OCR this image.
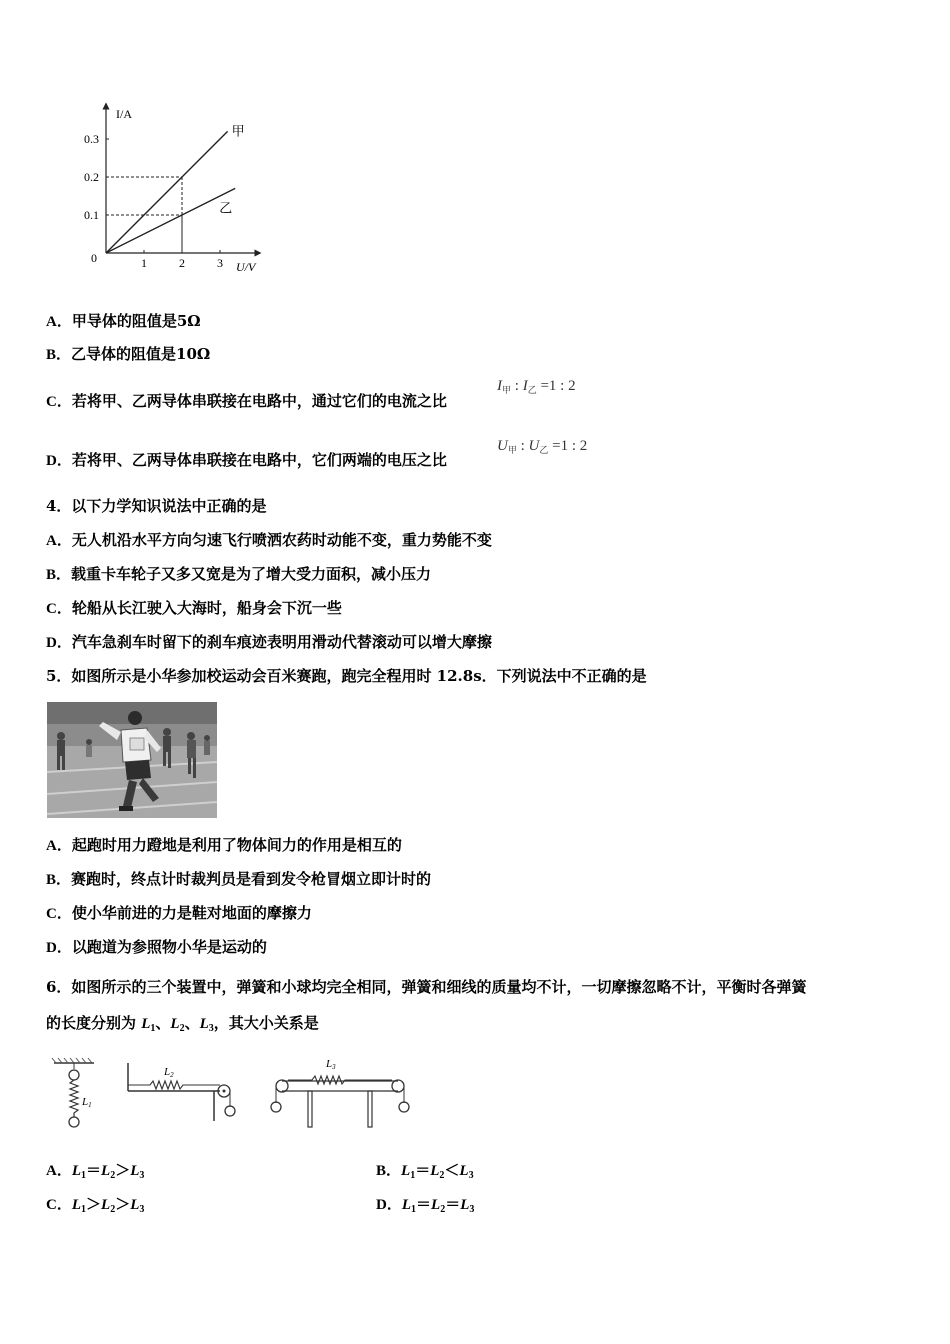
1	2	3
0.1
0.2
0.3
甲
乙
I/A
U/V
0
A．甲导体的阻值是5Ω
B．乙导体的阻值是10Ω
C．若将甲、乙两导体串联接在电路中，通过它们的电流之比
$I_甲$ : $I_乙 =1$ : 2
D．若将甲、乙两导体串联接在电路中，它们两端的电压之比
$U_甲$ : $U_乙 =1$ : 2
4．以下力学知识说法中正确的是
A．无人机沿水平方向匀速飞行喷洒农药时动能不变，重力势能不变
B．载重卡车轮子又多又宽是为了增大受力面积，减小压力
C．轮船从长江驶入大海时，船身会下沉一些
D．汽车急刹车时留下的刹车痕迹表明用滑动代替滚动可以增大摩擦
5．如图所示是小华参加校运动会百米赛跑，跑完全程用时 12.8s．下列说法中不正确的是
A．起跑时用力蹬地是利用了物体间力的作用是相互的
B．赛跑时，终点计时裁判员是看到发令枪冒烟立即计时的
C．使小华前进的力是鞋对地面的摩擦力
D．以跑道为参照物小华是运动的
6．如图所示的三个装置中，弹簧和小球均完全相同，弹簧和细线的质量均不计，一切摩擦忽略不计，平衡时各弹簧
的长度分别为 $L_1$、$L_2$、$L_3$，其大小关系是
L1
L2
L3
A．$L_1=L_2>L_3$	B．$L_1=L_2<L_3$
C．$L_1>L_2>L_3$	D．$L_1=L_2=L_3$
